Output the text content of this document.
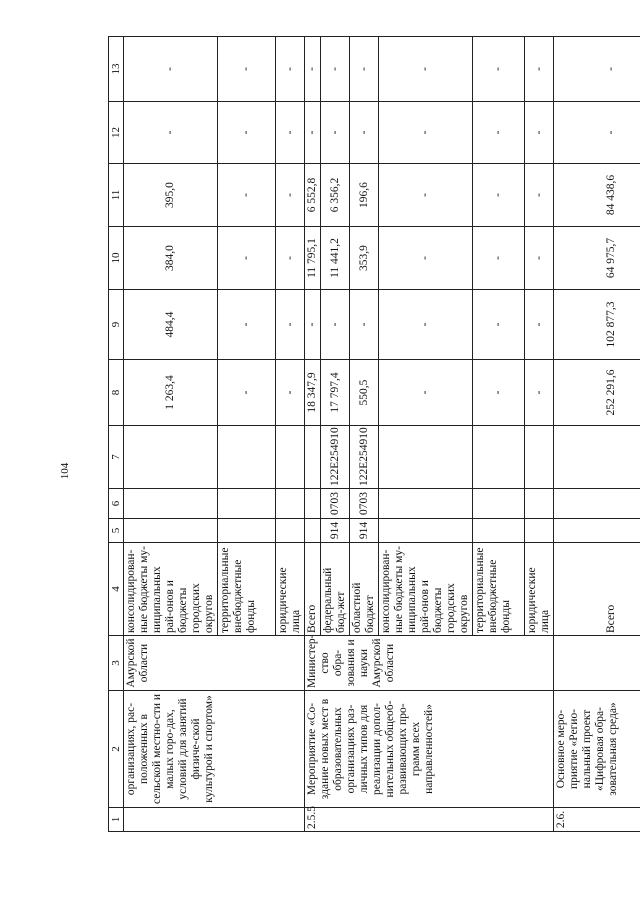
104
1	2	3	4	5	6	7	8	9	10	11	12	13
	организациях, рас-положенных в сельской местно-сти и малых горо-дах, условий для занятий физиче-ской культурой и спортом»	Амурской области	консолидирован-ные бюджеты му-ниципальных рай-онов и бюджеты городских округов				1 263,4	484,4	384,0	395,0	-	-
			территориальные внебюджетные фонды				-	-	-	-	-	-
			юридические лица				-	-	-	-	-	-
2.5.5	Мероприятие «Со-здание новых мест в образовательных организациях раз-личных типов для реализации допол-нительных общеоб-развивающих про-грамм всех направленностей»	Министер-ство обра-зования и науки Амурской области	Всего				18 347,9	-	11 795,1	6 552,8	-	-
			федеральный бюд-жет	914	0703	122E254910	17 797,4	-	11 441,2	6 356,2	-	-
			областной бюджет	914	0703	122E254910	550,5	-	353,9	196,6	-	-
			консолидирован-ные бюджеты му-ниципальных рай-онов и бюджеты городских округов				-	-	-	-	-	-
			территориальные внебюджетные фонды				-	-	-	-	-	-
			юридические лица				-	-	-	-	-	-
2.6.	Основное меро-приятие «Регио-нальный проект «Цифровая обра-зовательная среда»		Всего				252 291,6	102 877,3	64 975,7	84 438,6	-	-
